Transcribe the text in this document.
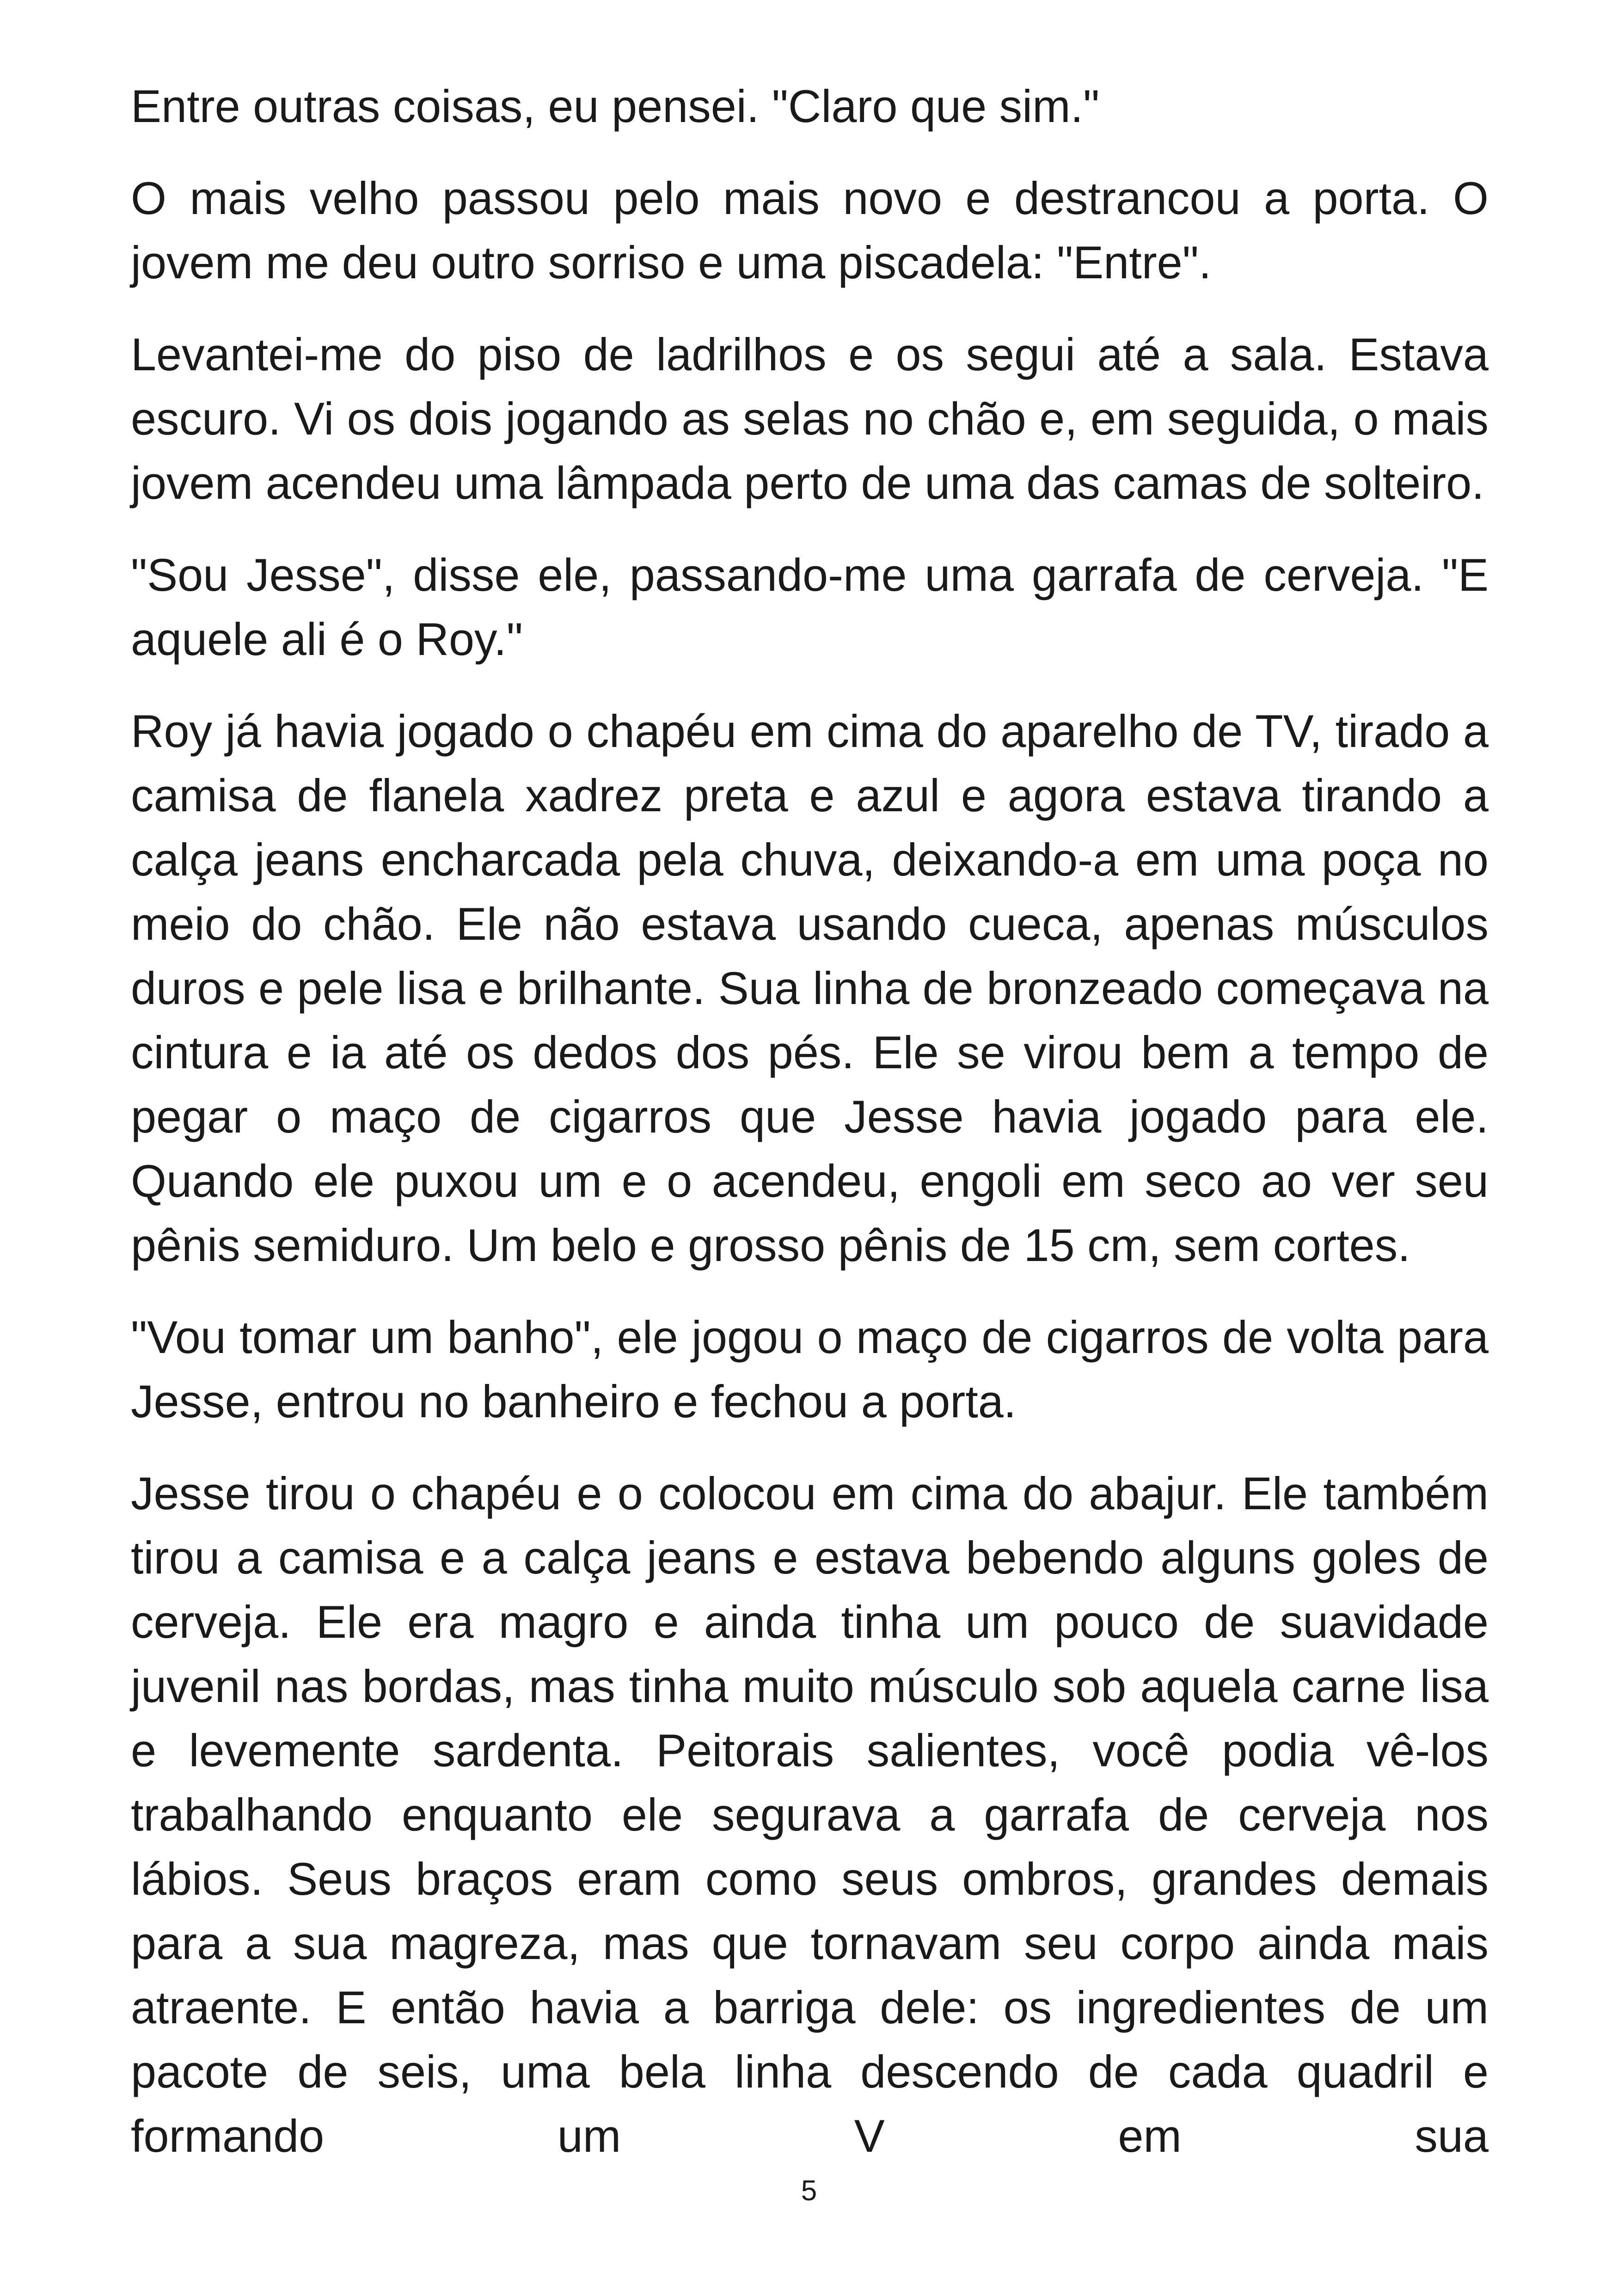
Entre outras coisas, eu pensei. "Claro que sim."

O mais velho passou pelo mais novo e destrancou a porta. O jovem me deu outro sorriso e uma piscadela: "Entre".

Levantei-me do piso de ladrilhos e os segui até a sala. Estava escuro. Vi os dois jogando as selas no chão e, em seguida, o mais jovem acendeu uma lâmpada perto de uma das camas de solteiro.

"Sou Jesse", disse ele, passando-me uma garrafa de cerveja. "E aquele ali é o Roy."

Roy já havia jogado o chapéu em cima do aparelho de TV, tirado a camisa de flanela xadrez preta e azul e agora estava tirando a calça jeans encharcada pela chuva, deixando-a em uma poça no meio do chão. Ele não estava usando cueca, apenas músculos duros e pele lisa e brilhante. Sua linha de bronzeado começava na cintura e ia até os dedos dos pés. Ele se virou bem a tempo de pegar o maço de cigarros que Jesse havia jogado para ele. Quando ele puxou um e o acendeu, engoli em seco ao ver seu pênis semiduro. Um belo e grosso pênis de 15 cm, sem cortes.

"Vou tomar um banho", ele jogou o maço de cigarros de volta para Jesse, entrou no banheiro e fechou a porta.

Jesse tirou o chapéu e o colocou em cima do abajur. Ele também tirou a camisa e a calça jeans e estava bebendo alguns goles de cerveja. Ele era magro e ainda tinha um pouco de suavidade juvenil nas bordas, mas tinha muito músculo sob aquela carne lisa e levemente sardenta. Peitorais salientes, você podia vê-los trabalhando enquanto ele segurava a garrafa de cerveja nos lábios. Seus braços eram como seus ombros, grandes demais para a sua magreza, mas que tornavam seu corpo ainda mais atraente. E então havia a barriga dele: os ingredientes de um pacote de seis, uma bela linha descendo de cada quadril e formando um V em sua

5
